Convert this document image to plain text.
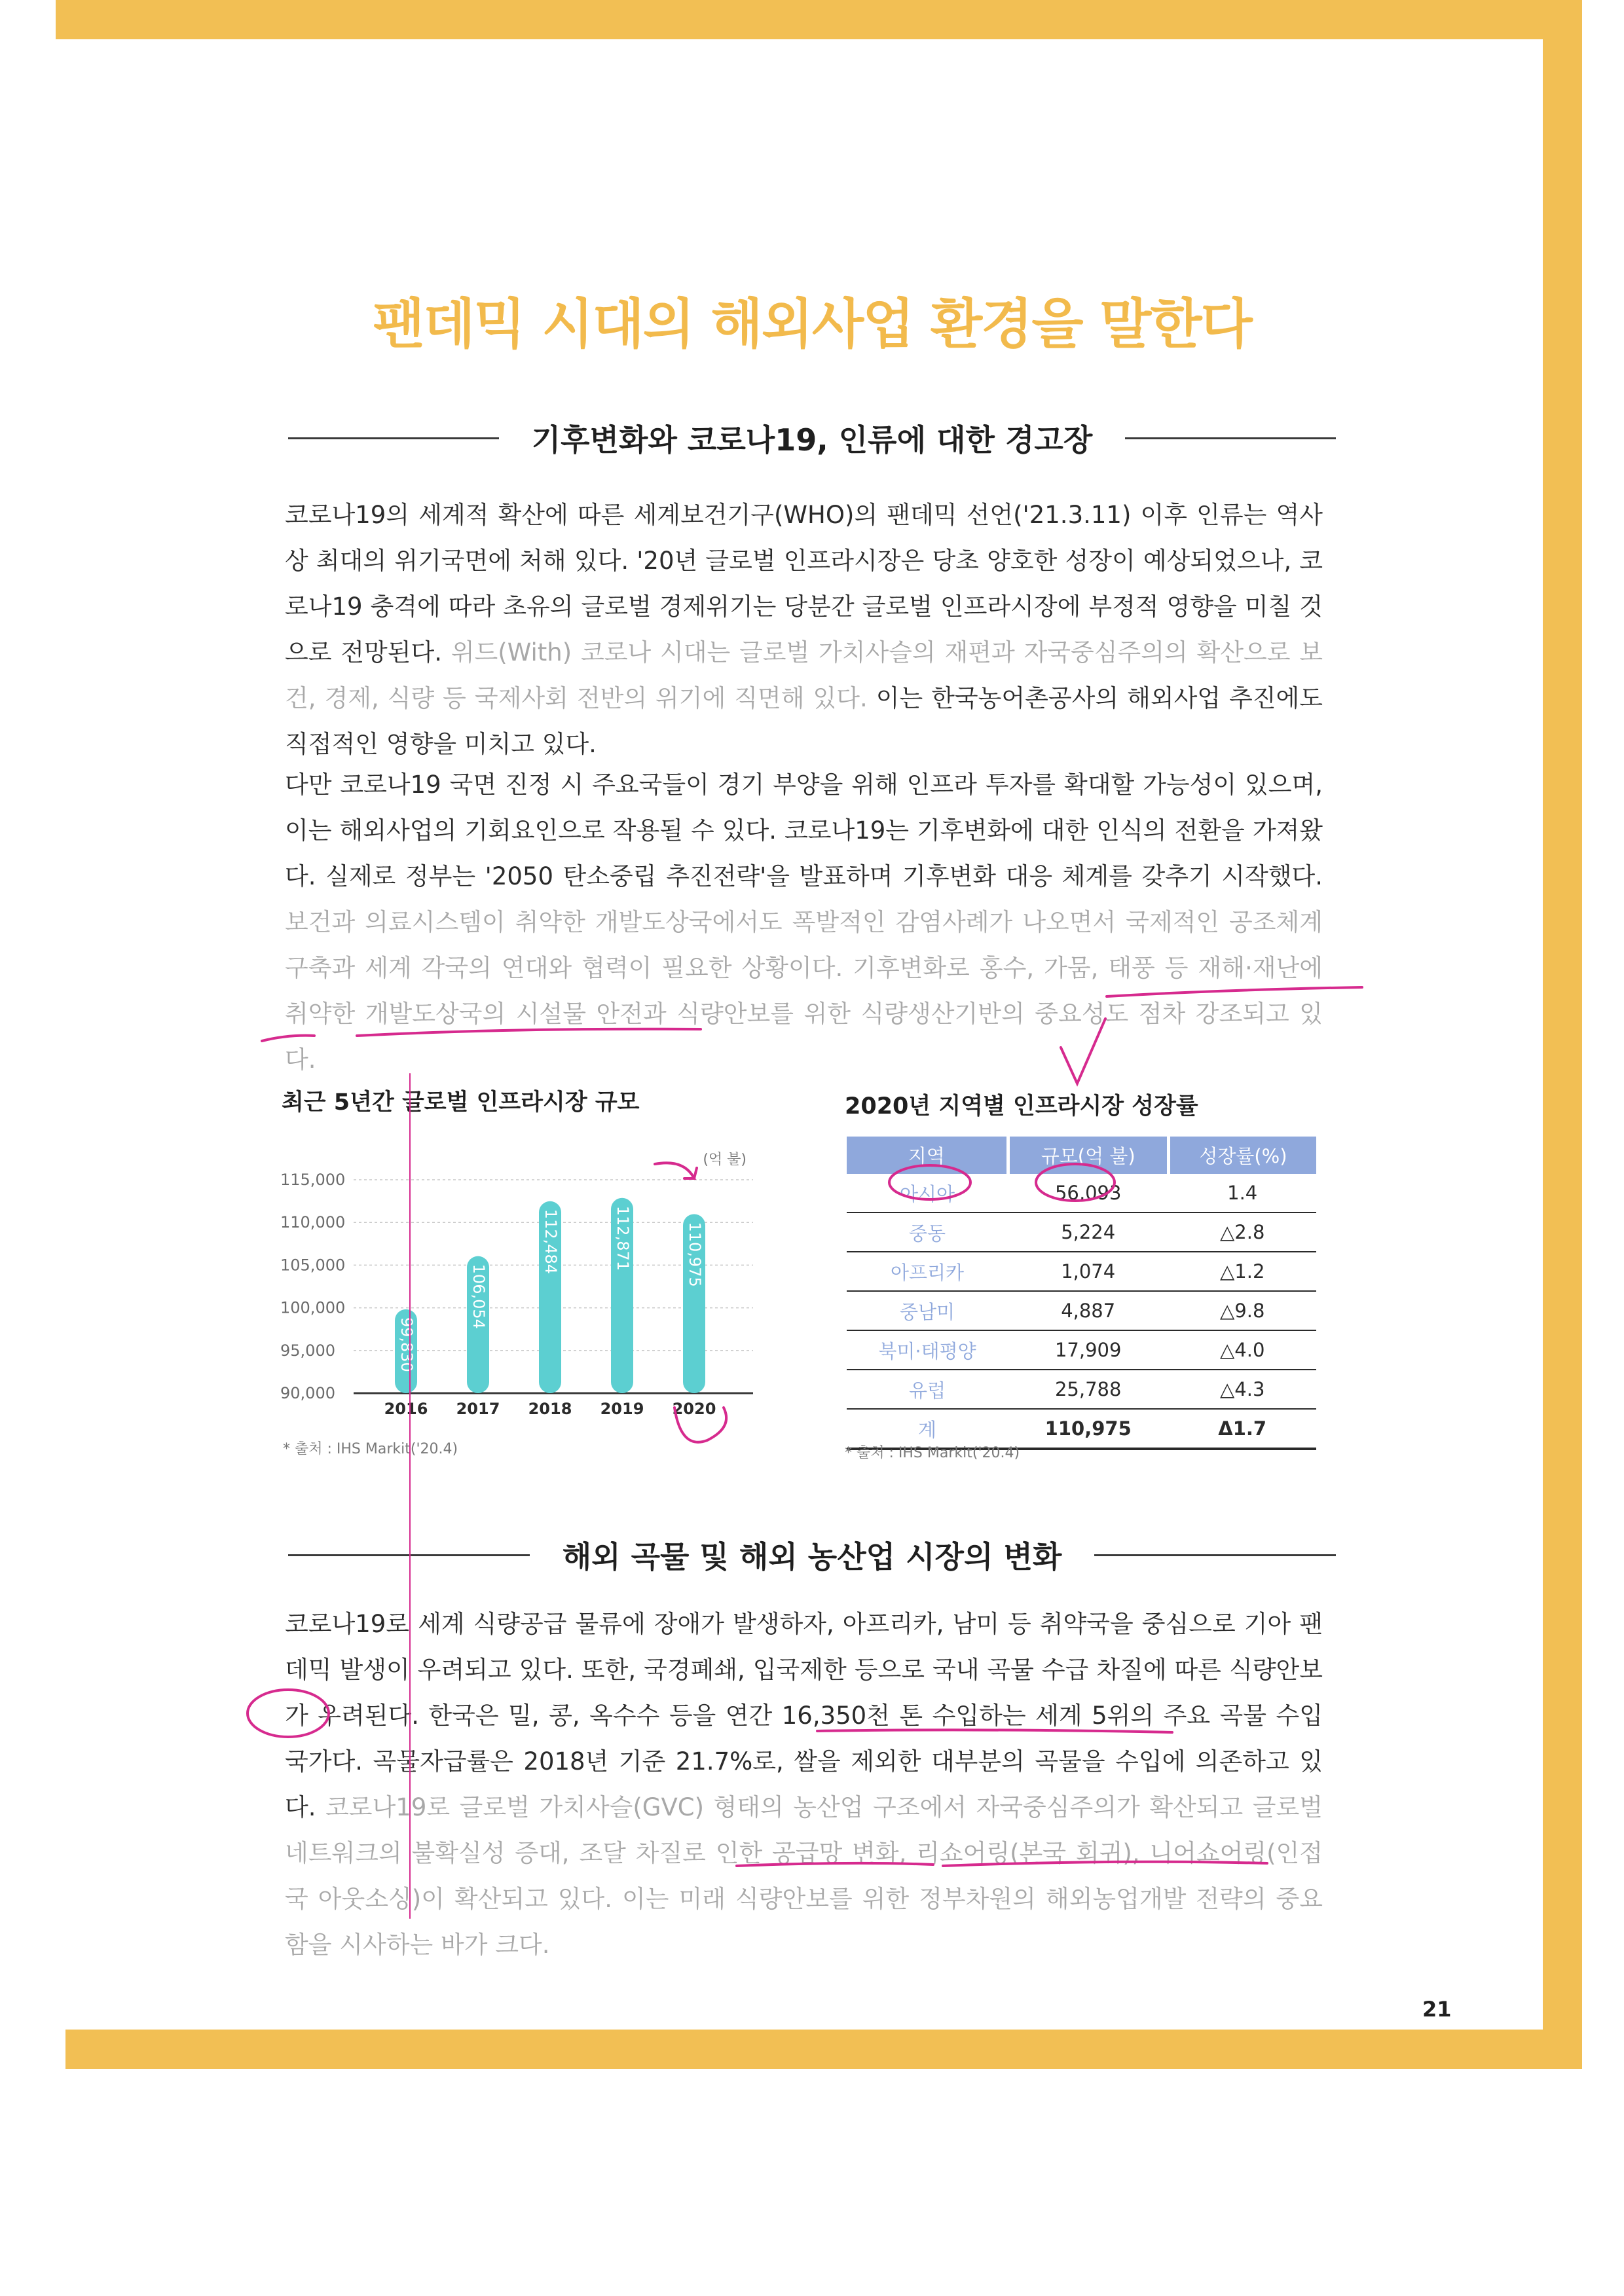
팬데믹 시대의 해외사업 환경을 말한다
기후변화와 코로나19, 인류에 대한 경고장

코로나19의 세계적 확산에 따른 세계보건기구(WHO)의 팬데믹 선언('21.3.11) 이후 인류는 역사상 최대의 위기국면에 처해 있다. '20년 글로벌 인프라시장은 당초 양호한 성장이 예상되었으나, 코로나19 충격에 따라 초유의 글로벌 경제위기는 당분간 글로벌 인프라시장에 부정적 영향을 미칠 것으로 전망된다. 위드(With) 코로나 시대는 글로벌 가치사슬의 재편과 자국중심주의의 확산으로 보건, 경제, 식량 등 국제사회 전반의 위기에 직면해 있다. 이는 한국농어촌공사의 해외사업 추진에도 직접적인 영향을 미치고 있다.

다만 코로나19 국면 진정 시 주요국들이 경기 부양을 위해 인프라 투자를 확대할 가능성이 있으며, 이는 해외사업의 기회요인으로 작용될 수 있다. 코로나19는 기후변화에 대한 인식의 전환을 가져왔다. 실제로 정부는 '2050 탄소중립 추진전략'을 발표하며 기후변화 대응 체계를 갖추기 시작했다. 보건과 의료시스템이 취약한 개발도상국에서도 폭발적인 감염사례가 나오면서 국제적인 공조체계 구축과 세계 각국의 연대와 협력이 필요한 상황이다. 기후변화로 홍수, 가뭄, 태풍 등 재해·재난에 취약한 개발도상국의 시설물 안전과 식량안보를 위한 식량생산기반의 중요성도 점차 강조되고 있다.

최근 5년간 글로벌 인프라시장 규모
(억 불)
115,000
110,000
105,000
100,000
95,000
90,000
99,830
106,054
112,484	112,871	110,975
2016 2017 2018 2019 2020
* 출처 : IHS Markit('20.4)
2020년 지역별 인프라시장 성장률
지역	규모(억 불)	성장률(%)
아시아	56,093	1.4
중동	5,224	△2.8
아프리카	1,074	△1.2
중남미	4,887	△9.8
북미·태평양	17,909	△4.0
유럽	25,788	△4.3
계	110,975	Δ1.7
* 출처 : IHS Markit('20.4)
해외 곡물 및 해외 농산업 시장의 변화

코로나19로 세계 식량공급 물류에 장애가 발생하자, 아프리카, 남미 등 취약국을 중심으로 기아 팬데믹 발생이 우려되고 있다. 또한, 국경폐쇄, 입국제한 등으로 국내 곡물 수급 차질에 따른 식량안보가 우려된다. 한국은 밀, 콩, 옥수수 등을 연간 16,350천 톤 수입하는 세계 5위의 주요 곡물 수입 국가다. 곡물자급률은 2018년 기준 21.7%로, 쌀을 제외한 대부분의 곡물을 수입에 의존하고 있다. 코로나19로 글로벌 가치사슬(GVC) 형태의 농산업 구조에서 자국중심주의가 확산되고 글로벌 네트워크의 불확실성 증대, 조달 차질로 인한 공급망 변화, 리쇼어링(본국 회귀), 니어쇼어링(인접국 아웃소싱)이 확산되고 있다. 이는 미래 식량안보를 위한 정부차원의 해외농업개발 전략의 중요함을 시사하는 바가 크다.

21
